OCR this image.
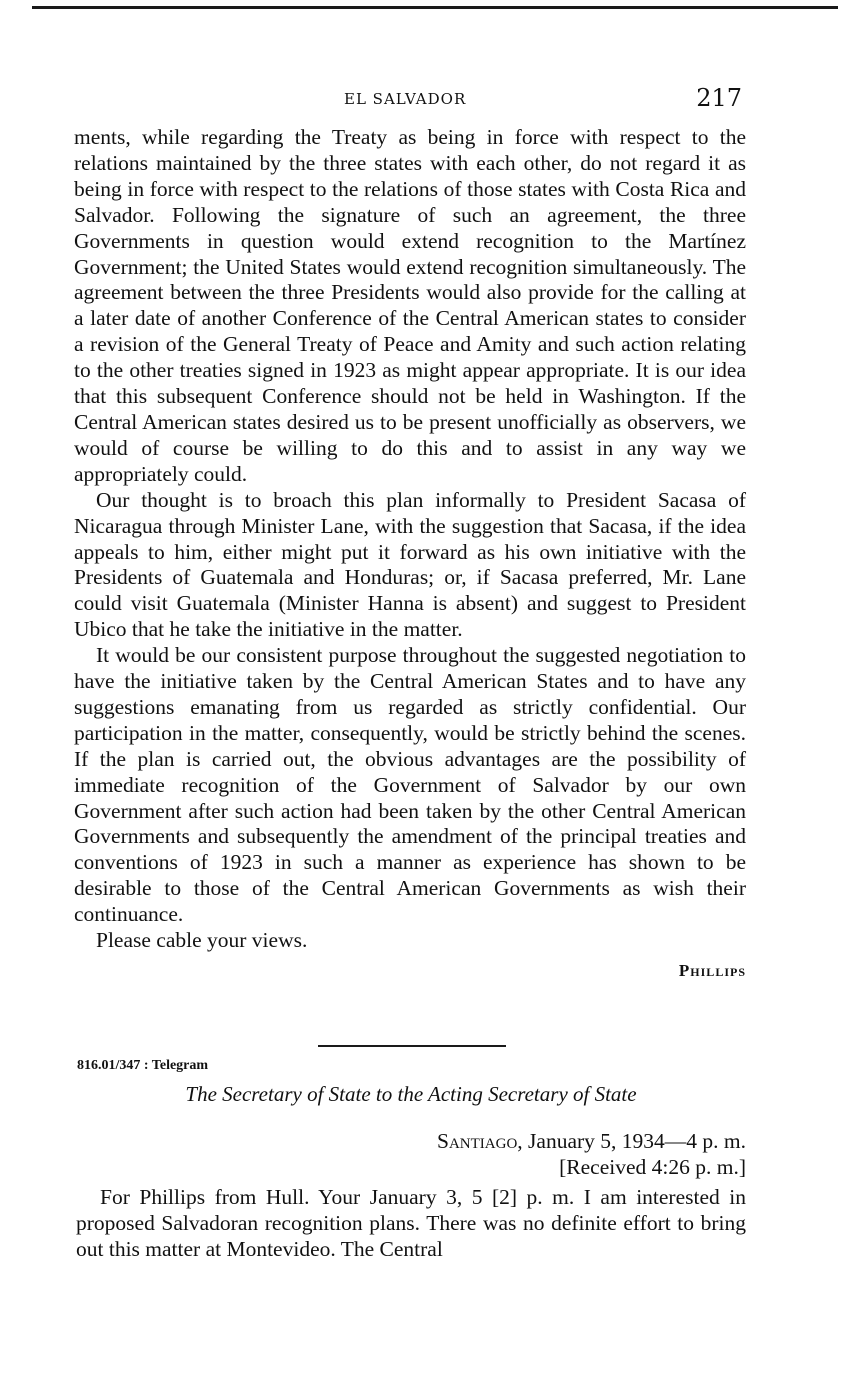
EL SALVADOR	217

ments, while regarding the Treaty as being in force with respect to the relations maintained by the three states with each other, do not regard it as being in force with respect to the relations of those states with Costa Rica and Salvador. Following the signature of such an agreement, the three Governments in question would extend recognition to the Martínez Government; the United States would extend recognition simultaneously. The agreement between the three Presidents would also provide for the calling at a later date of another Conference of the Central American states to consider a revision of the General Treaty of Peace and Amity and such action relating to the other treaties signed in 1923 as might appear appropriate. It is our idea that this subsequent Conference should not be held in Washington. If the Central American states desired us to be present unofficially as observers, we would of course be willing to do this and to assist in any way we appropriately could.

Our thought is to broach this plan informally to President Sacasa of Nicaragua through Minister Lane, with the suggestion that Sacasa, if the idea appeals to him, either might put it forward as his own initiative with the Presidents of Guatemala and Honduras; or, if Sacasa preferred, Mr. Lane could visit Guatemala (Minister Hanna is absent) and suggest to President Ubico that he take the initiative in the matter.

It would be our consistent purpose throughout the suggested negotiation to have the initiative taken by the Central American States and to have any suggestions emanating from us regarded as strictly confidential. Our participation in the matter, consequently, would be strictly behind the scenes. If the plan is carried out, the obvious advantages are the possibility of immediate recognition of the Government of Salvador by our own Government after such action had been taken by the other Central American Governments and subsequently the amendment of the principal treaties and conventions of 1923 in such a manner as experience has shown to be desirable to those of the Central American Governments as wish their continuance.

Please cable your views.

Phillips
816.01/347 : Telegram
The Secretary of State to the Acting Secretary of State
Santiago, January 5, 1934—4 p. m.
[Received 4:26 p. m.]

For Phillips from Hull. Your January 3, 5 [2] p. m. I am interested in proposed Salvadoran recognition plans. There was no definite effort to bring out this matter at Montevideo. The Central
